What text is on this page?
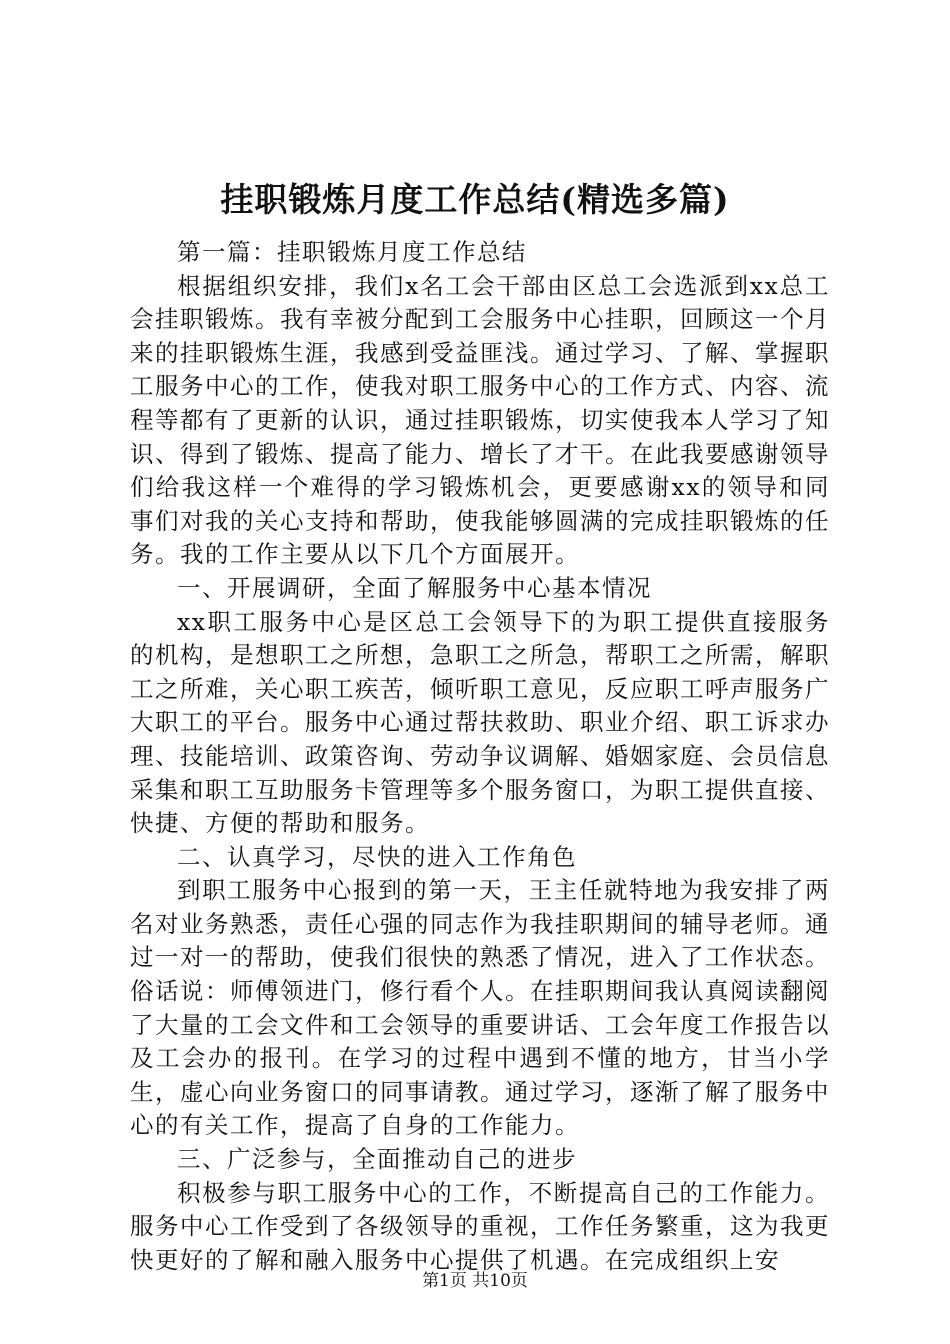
挂职锻炼月度工作总结(精选多篇)

第一篇：挂职锻炼月度工作总结

根据组织安排，我们x名工会干部由区总工会选派到xx总工会挂职锻炼。我有幸被分配到工会服务中心挂职，回顾这一个月来的挂职锻炼生涯，我感到受益匪浅。通过学习、了解、掌握职工服务中心的工作，使我对职工服务中心的工作方式、内容、流程等都有了更新的认识，通过挂职锻炼，切实使我本人学习了知识、得到了锻炼、提高了能力、增长了才干。在此我要感谢领导们给我这样一个难得的学习锻炼机会，更要感谢xx的领导和同事们对我的关心支持和帮助，使我能够圆满的完成挂职锻炼的任务。我的工作主要从以下几个方面展开。

一、开展调研，全面了解服务中心基本情况

xx职工服务中心是区总工会领导下的为职工提供直接服务的机构，是想职工之所想，急职工之所急，帮职工之所需，解职工之所难，关心职工疾苦，倾听职工意见，反应职工呼声服务广大职工的平台。服务中心通过帮扶救助、职业介绍、职工诉求办理、技能培训、政策咨询、劳动争议调解、婚姻家庭、会员信息采集和职工互助服务卡管理等多个服务窗口，为职工提供直接、快捷、方便的帮助和服务。

二、认真学习，尽快的进入工作角色

到职工服务中心报到的第一天，王主任就特地为我安排了两名对业务熟悉，责任心强的同志作为我挂职期间的辅导老师。通过一对一的帮助，使我们很快的熟悉了情况，进入了工作状态。俗话说：师傅领进门，修行看个人。在挂职期间我认真阅读翻阅了大量的工会文件和工会领导的重要讲话、工会年度工作报告以及工会办的报刊。在学习的过程中遇到不懂的地方，甘当小学生，虚心向业务窗口的同事请教。通过学习，逐渐了解了服务中心的有关工作，提高了自身的工作能力。

三、广泛参与，全面推动自己的进步

积极参与职工服务中心的工作，不断提高自己的工作能力。服务中心工作受到了各级领导的重视，工作任务繁重，这为我更快更好的了解和融入服务中心提供了机遇。在完成组织上安

第1页 共10页
